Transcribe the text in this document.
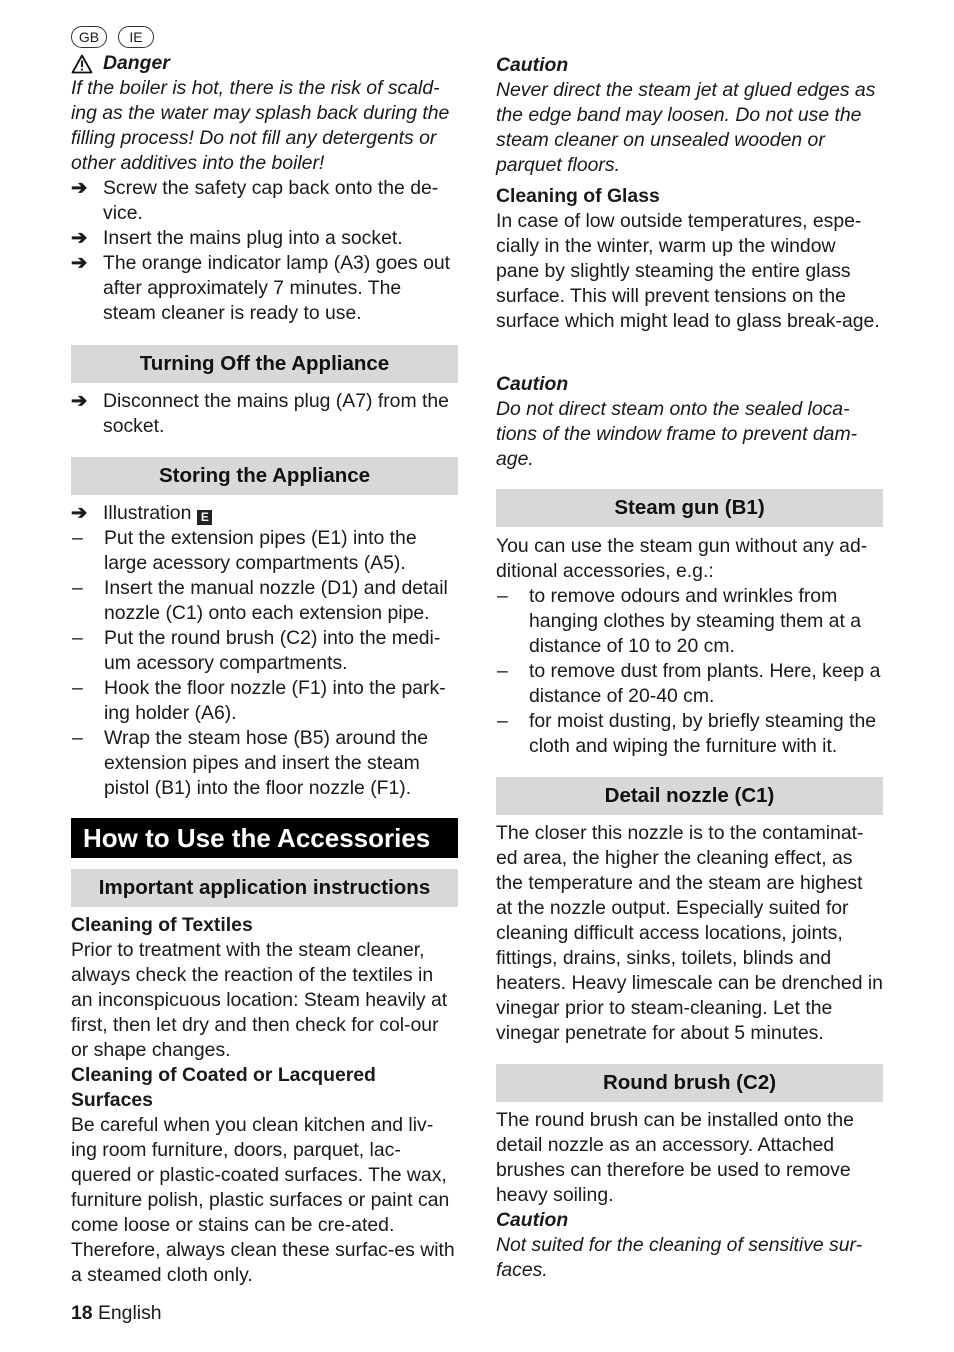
GB	IE
Danger

If the boiler is hot, there is the risk of scald-ing as the water may splash back during the filling process! Do not fill any detergents or other additives into the boiler!

➔ Screw the safety cap back onto the de-vice.
➔ Insert the mains plug into a socket.
➔ The orange indicator lamp (A3) goes out after approximately 7 minutes. The steam cleaner is ready to use.
Turning Off the Appliance
➔ Disconnect the mains plug (A7) from the socket.
Storing the Appliance
➔ Illustration E
–	Put the extension pipes (E1) into the large acessory compartments (A5).
–	Insert the manual nozzle (D1) and detail nozzle (C1) onto each extension pipe.
–	Put the round brush (C2) into the medi-um acessory compartments.
–	Hook the floor nozzle (F1) into the park-ing holder (A6).
–	Wrap the steam hose (B5) around the extension pipes and insert the steam pistol (B1) into the floor nozzle (F1).
How to Use the Accessories
Important application instructions

Cleaning of Textiles

Prior to treatment with the steam cleaner, always check the reaction of the textiles in an inconspicuous location: Steam heavily at first, then let dry and then check for col-our or shape changes.

Cleaning of Coated or Lacquered Surfaces

Be careful when you clean kitchen and liv-ing room furniture, doors, parquet, lac-quered or plastic-coated surfaces. The wax, furniture polish, plastic surfaces or paint can come loose or stains can be cre-ated. Therefore, always clean these surfac-es with a steamed cloth only.

18 English

Caution

Never direct the steam jet at glued edges as the edge band may loosen. Do not use the steam cleaner on unsealed wooden or parquet floors.

Cleaning of Glass

In case of low outside temperatures, espe-cially in the winter, warm up the window pane by slightly steaming the entire glass surface. This will prevent tensions on the surface which might lead to glass break-age.

Caution

Do not direct steam onto the sealed loca-tions of the window frame to prevent dam-age.

Steam gun (B1)

You can use the steam gun without any ad-ditional accessories, e.g.:

–	to remove odours and wrinkles from hanging clothes by steaming them at a distance of 10 to 20 cm.
–	to remove dust from plants. Here, keep a distance of 20-40 cm.
–	for moist dusting, by briefly steaming the cloth and wiping the furniture with it.
Detail nozzle (C1)

The closer this nozzle is to the contaminat-ed area, the higher the cleaning effect, as the temperature and the steam are highest at the nozzle output. Especially suited for cleaning difficult access locations, joints, fittings, drains, sinks, toilets, blinds and heaters. Heavy limescale can be drenched in vinegar prior to steam-cleaning. Let the vinegar penetrate for about 5 minutes.

Round brush (C2)

The round brush can be installed onto the detail nozzle as an accessory. Attached brushes can therefore be used to remove heavy soiling.

Caution

Not suited for the cleaning of sensitive sur-faces.
